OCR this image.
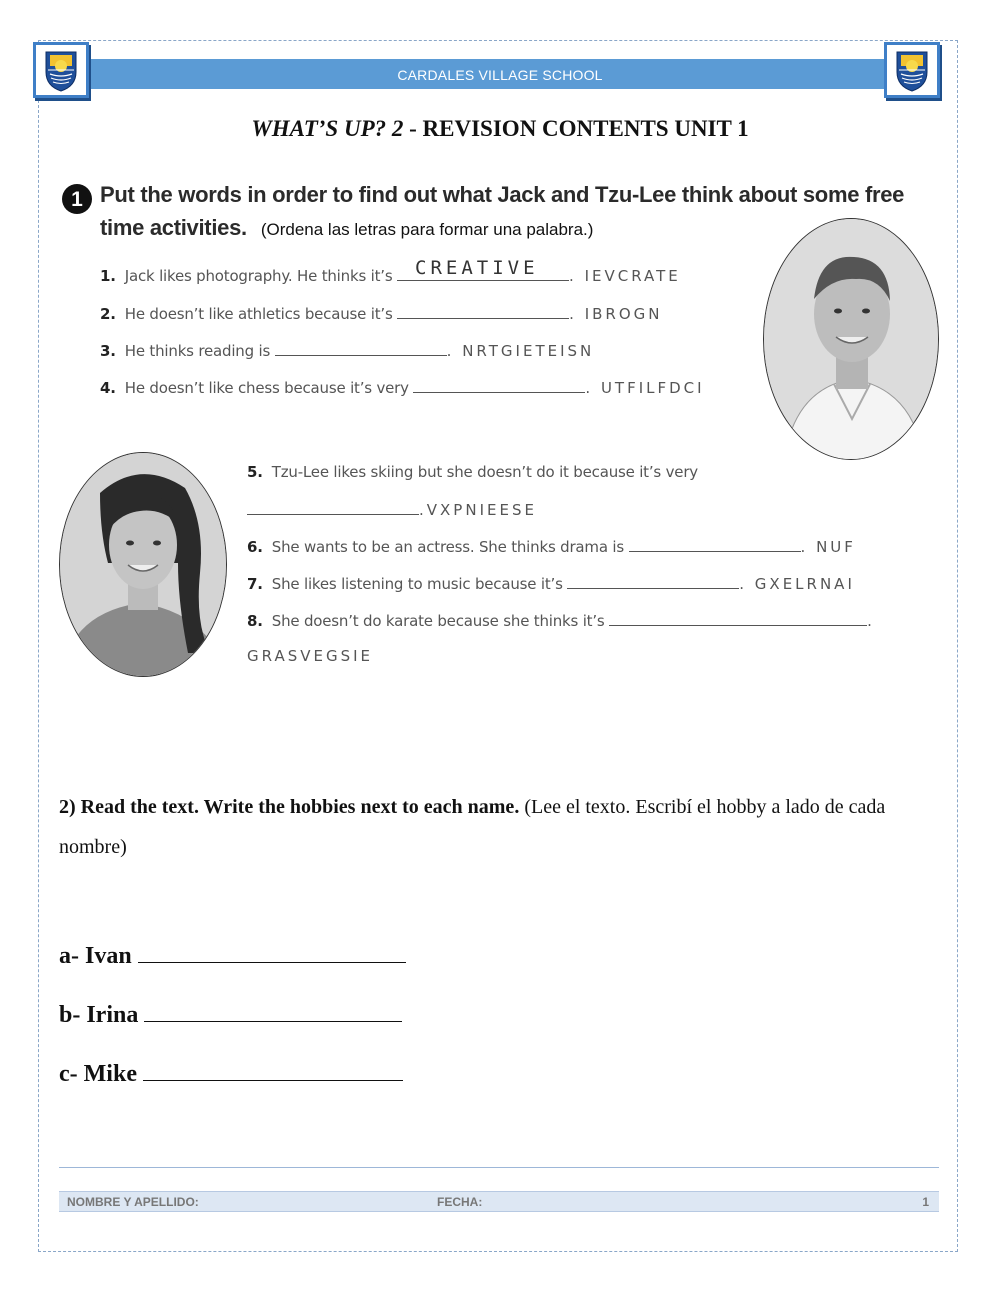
CARDALES VILLAGE SCHOOL
WHAT’S UP? 2 - REVISION CONTENTS UNIT 1
1 Put the words in order to find out what Jack and Tzu-Lee think about some free
time activities. (Ordena las letras para formar una palabra.)
1. Jack likes photography. He thinks it’s CREATIVE . IEVCRATE
2. He doesn’t like athletics because it’s	. IBROGN
3. He thinks reading is	. NRTGIETEISN
4. He doesn’t like chess because it’s very	. UTFILFDCI
5. Tzu-Lee likes skiing but she doesn’t do it because it’s very
.VXPNIEESE
6. She wants to be an actress. She thinks drama is	. NUF
7. She likes listening to music because it’s	. GXELRNAI
8. She doesn’t do karate because she thinks it’s	.
GRASVEGSIE
2) Read the text. Write the hobbies next to each name. (Lee el texto. Escribí el hobby a lado de cada nombre)
a- Ivan
b- Irina
c- Mike
NOMBRE Y APELLIDO:	FECHA:	1
